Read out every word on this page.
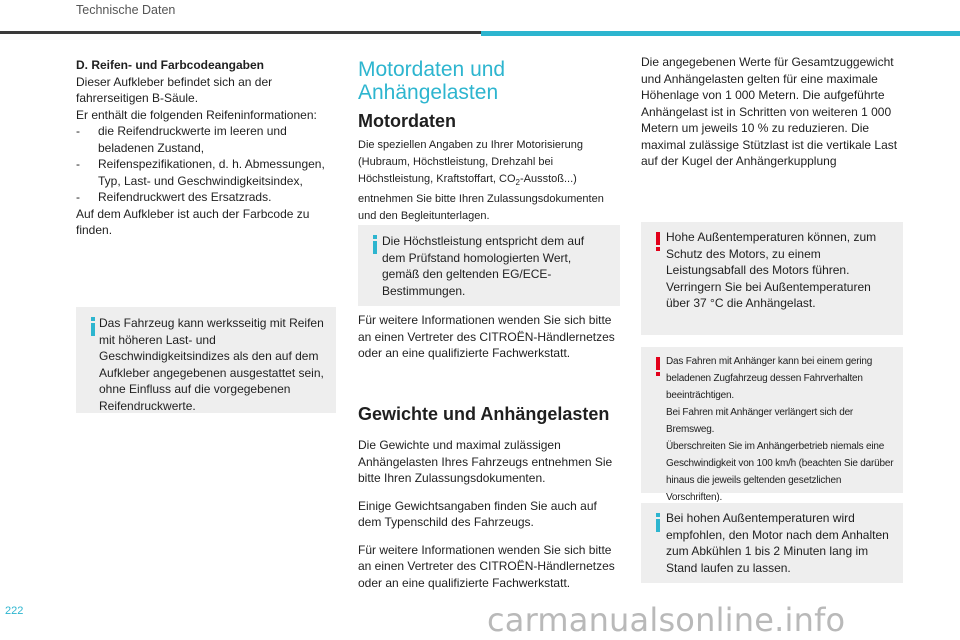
Technische Daten

D. Reifen- und Farbcodeangaben

Dieser Aufkleber befindet sich an der

fahrerseitigen B-Säule.

Er enthält die folgenden Reifeninformationen:

- die Reifendruckwerte im leeren und beladenen Zustand,
- Reifenspezifikationen, d. h. Abmessungen, Typ, Last- und Geschwindigkeitsindex,
- Reifendruckwert des Ersatzrads.

Auf dem Aufkleber ist auch der Farbcode zu finden.

Das Fahrzeug kann werksseitig mit Reifen mit höheren Last- und Geschwindigkeitsindizes als den auf dem Aufkleber angegebenen ausgestattet sein, ohne Einfluss auf die vorgegebenen Reifendruckwerte.
Motordaten und Anhängelasten
Motordaten

Die speziellen Angaben zu Ihrer Motorisierung (Hubraum, Höchstleistung, Drehzahl bei Höchstleistung, Kraftstoffart, $CO_2-Ausstoß$...) entnehmen Sie bitte Ihren Zulassungsdokumenten und den Begleitunterlagen.

Die Höchstleistung entspricht dem auf dem Prüfstand homologierten Wert, gemäß den geltenden EG/ECE-Bestimmungen.

Für weitere Informationen wenden Sie sich bitte an einen Vertreter des CITROËN-Händlernetzes oder an eine qualifizierte Fachwerkstatt.

Gewichte und Anhängelasten

Die Gewichte und maximal zulässigen Anhängelasten Ihres Fahrzeugs entnehmen Sie bitte Ihren Zulassungsdokumenten.

Einige Gewichtsangaben finden Sie auch auf dem Typenschild des Fahrzeugs.

Für weitere Informationen wenden Sie sich bitte an einen Vertreter des CITROËN-Händlernetzes oder an eine qualifizierte Fachwerkstatt.

Die angegebenen Werte für Gesamtzuggewicht und Anhängelasten gelten für eine maximale Höhenlage von 1 000 Metern. Die aufgeführte Anhängelast ist in Schritten von weiteren 1 000 Metern um jeweils 10 % zu reduzieren. Die maximal zulässige Stützlast ist die vertikale Last auf der Kugel der Anhängerkupplung

Hohe Außentemperaturen können, zum Schutz des Motors, zu einem Leistungsabfall des Motors führen. Verringern Sie bei Außentemperaturen über 37 °C die Anhängelast.

Das Fahren mit Anhänger kann bei einem gering beladenen Zugfahrzeug dessen Fahrverhalten beeinträchtigen.

Bei Fahren mit Anhänger verlängert sich der Bremsweg.

Überschreiten Sie im Anhängerbetrieb niemals eine Geschwindigkeit von 100 km/h (beachten Sie darüber hinaus die jeweils geltenden gesetzlichen Vorschriften).

Bei hohen Außentemperaturen wird empfohlen, den Motor nach dem Anhalten zum Abkühlen 1 bis 2 Minuten lang im Stand laufen zu lassen.
222	carmanualsonline.info
